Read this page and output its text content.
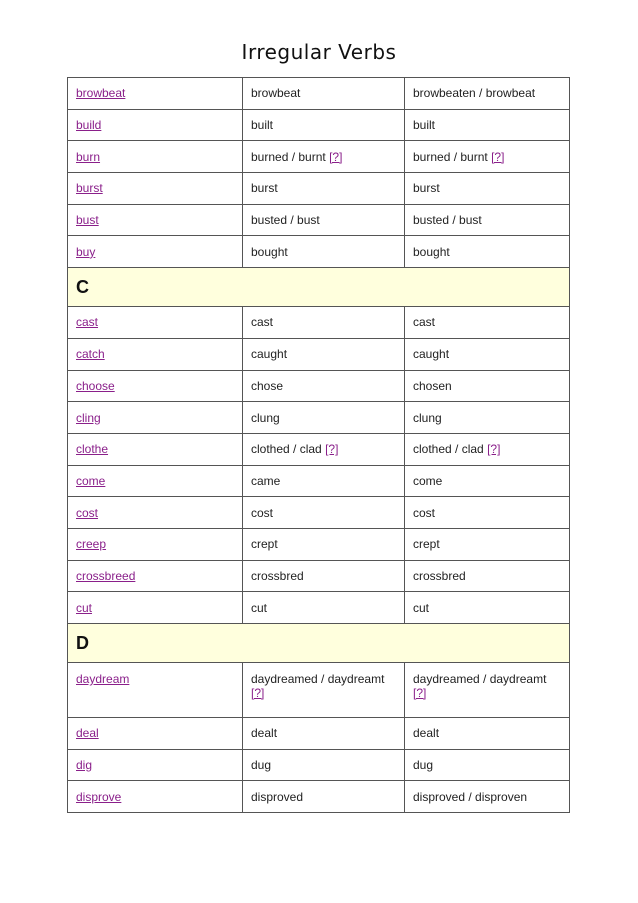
Irregular Verbs
browbeat	browbeat	browbeaten / browbeat
build	built	built
burn	burned / burnt [?]	burned / burnt [?]
burst	burst	burst
bust	busted / bust	busted / bust
buy	bought	bought
C		
cast	cast	cast
catch	caught	caught
choose	chose	chosen
cling	clung	clung
clothe	clothed / clad [?]	clothed / clad [?]
come	came	come
cost	cost	cost
creep	crept	crept
crossbreed	crossbred	crossbred
cut	cut	cut
D		
daydream	daydreamed / daydreamt [?]	daydreamed / daydreamt [?]
deal	dealt	dealt
dig	dug	dug
disprove	disproved	disproved / disproven
